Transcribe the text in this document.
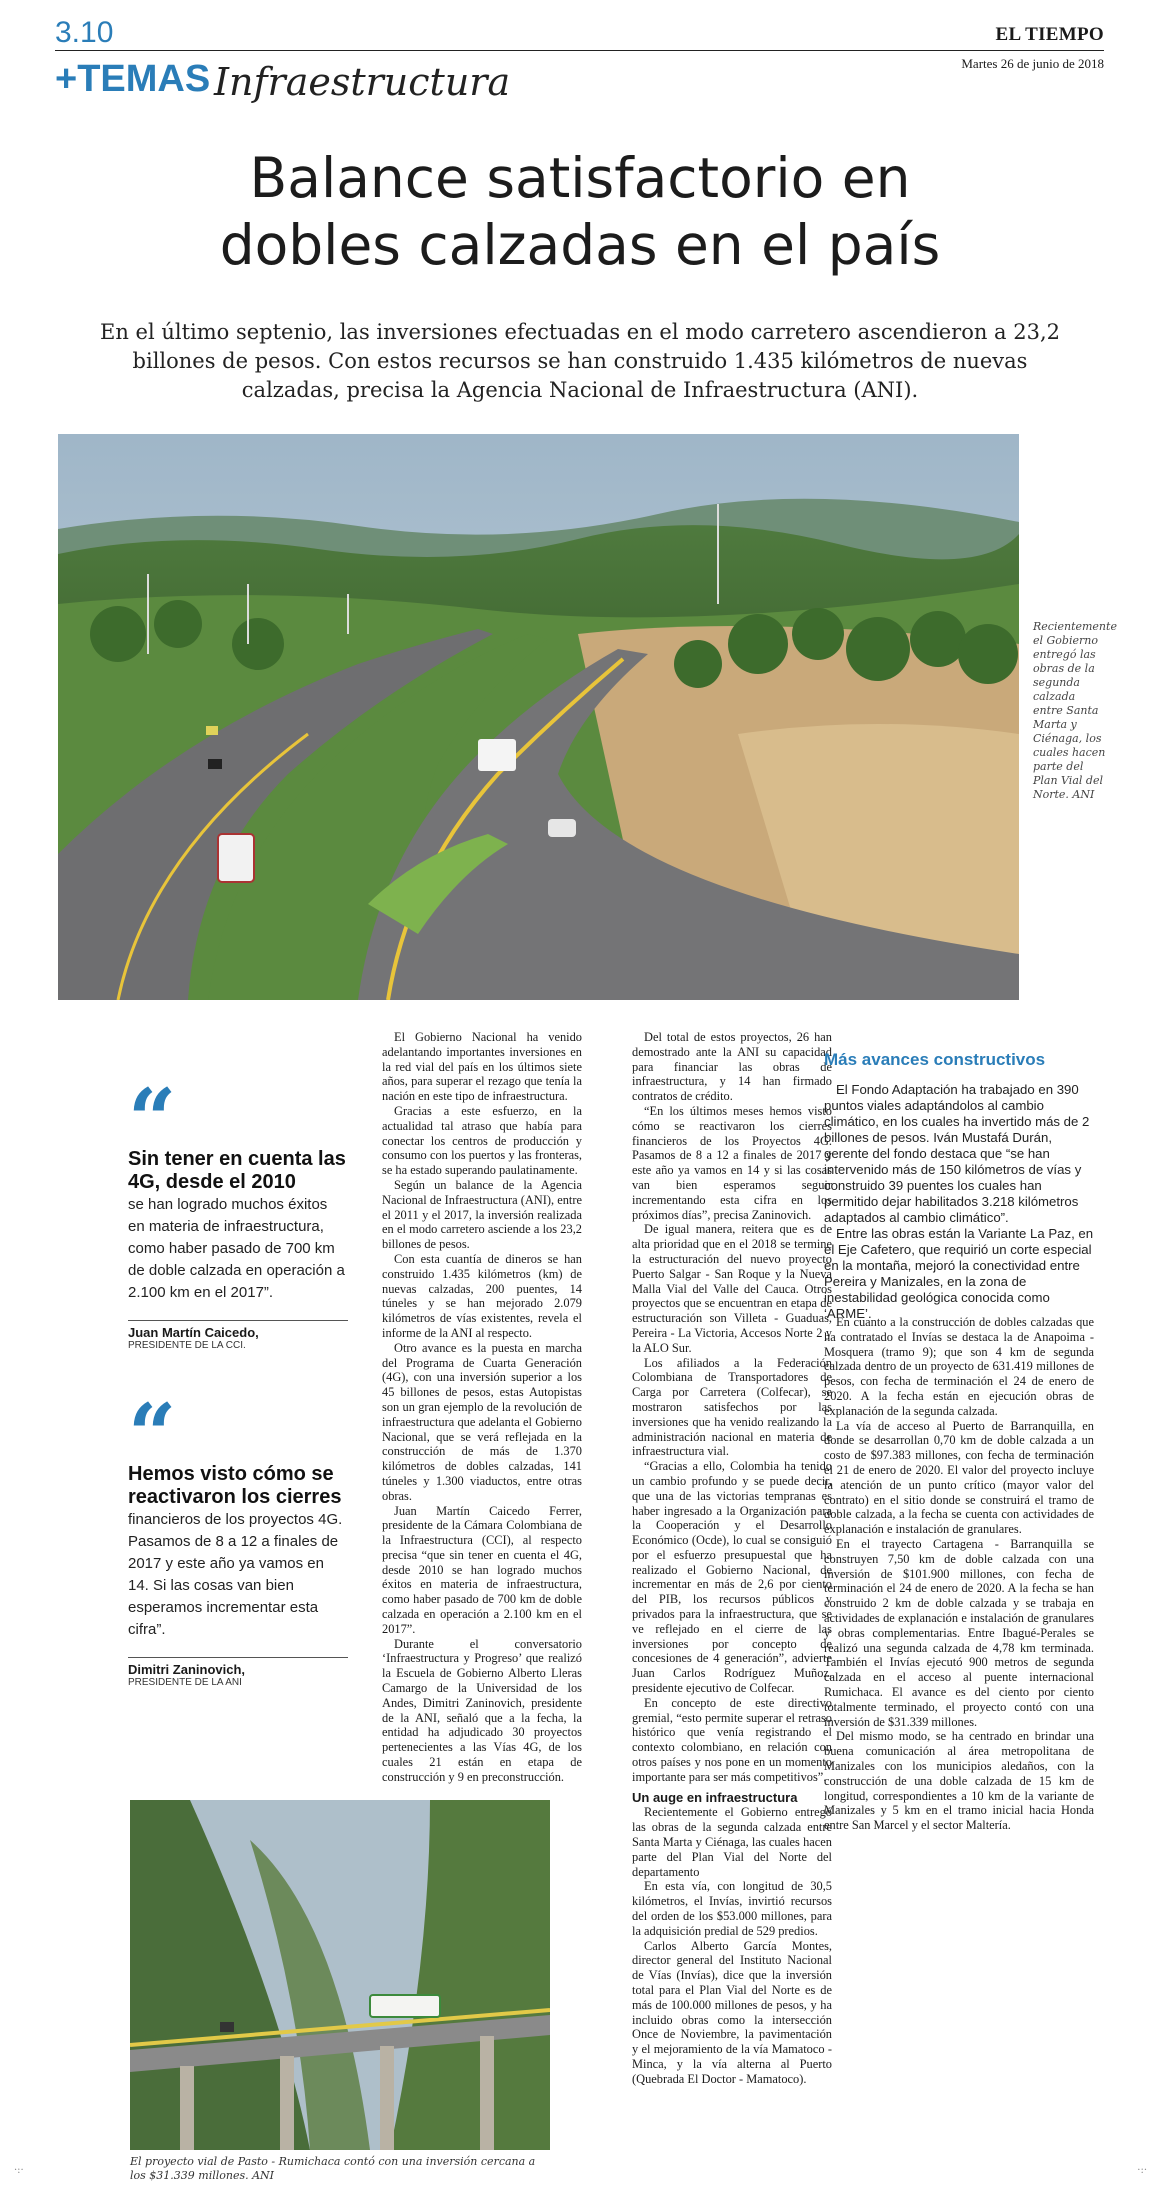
3.10	EL TIEMPO
Martes 26 de junio de 2018
+TEMAS Infraestructura
Balance satisfactorio en
dobles calzadas en el país
En el último septenio, las inversiones efectuadas en el modo carretero ascendieron a 23,2 billones de pesos. Con estos recursos se han construido 1.435 kilómetros de nuevas calzadas, precisa la Agencia Nacional de Infraestructura (ANI).
Recientemente el Gobierno entregó las obras de la segunda calzada entre Santa Marta y Ciénaga, los cuales hacen parte del Plan Vial del Norte. ANI
“
Sin tener en cuenta las 4G, desde el 2010
se han logrado muchos éxitos en materia de infraestructura, como haber pasado de 700 km de doble calzada en operación a 2.100 km en el 2017”.
Juan Martín Caicedo,
PRESIDENTE DE LA CCI.
“
Hemos visto cómo se reactivaron los cierres
financieros de los proyectos 4G. Pasamos de 8 a 12 a finales de 2017 y este año ya vamos en 14. Si las cosas van bien esperamos incrementar esta cifra”.
Dimitri Zaninovich,
PRESIDENTE DE LA ANI

El Gobierno Nacional ha venido adelantando importantes inversiones en la red vial del país en los últimos siete años, para superar el rezago que tenía la nación en este tipo de infraestructura.

Gracias a este esfuerzo, en la actualidad tal atraso que había para conectar los centros de producción y consumo con los puertos y las fronteras, se ha estado superando paulatinamente.

Según un balance de la Agencia Nacional de Infraestructura (ANI), entre el 2011 y el 2017, la inversión realizada en el modo carretero asciende a los 23,2 billones de pesos.

Con esta cuantía de dineros se han construido 1.435 kilómetros (km) de nuevas calzadas, 200 puentes, 14 túneles y se han mejorado 2.079 kilómetros de vías existentes, revela el informe de la ANI al respecto.

Otro avance es la puesta en marcha del Programa de Cuarta Generación (4G), con una inversión superior a los 45 billones de pesos, estas Autopistas son un gran ejemplo de la revolución de infraestructura que adelanta el Gobierno Nacional, que se verá reflejada en la construcción de más de 1.370 kilómetros de dobles calzadas, 141 túneles y 1.300 viaductos, entre otras obras.

Juan Martín Caicedo Ferrer, presidente de la Cámara Colombiana de la Infraestructura (CCI), al respecto precisa “que sin tener en cuenta el 4G, desde 2010 se han logrado muchos éxitos en materia de infraestructura, como haber pasado de 700 km de doble calzada en operación a 2.100 km en el 2017”.

Durante el conversatorio ‘Infraestructura y Progreso’ que realizó la Escuela de Gobierno Alberto Lleras Camargo de la Universidad de los Andes, Dimitri Zaninovich, presidente de la ANI, señaló que a la fecha, la entidad ha adjudicado 30 proyectos pertenecientes a las Vías 4G, de los cuales 21 están en etapa de construcción y 9 en preconstrucción.

Del total de estos proyectos, 26 han demostrado ante la ANI su capacidad para financiar las obras de infraestructura, y 14 han firmado contratos de crédito.

“En los últimos meses hemos visto cómo se reactivaron los cierres financieros de los Proyectos 4G. Pasamos de 8 a 12 a finales de 2017 y este año ya vamos en 14 y si las cosas van bien esperamos seguir incrementando esta cifra en los próximos días”, precisa Zaninovich.

De igual manera, reitera que es de alta prioridad que en el 2018 se termine la estructuración del nuevo proyecto Puerto Salgar - San Roque y la Nueva Malla Vial del Valle del Cauca. Otros proyectos que se encuentran en etapa de estructuración son Villeta - Guaduas, Pereira - La Victoria, Accesos Norte 2 y la ALO Sur.

Los afiliados a la Federación Colombiana de Transportadores de Carga por Carretera (Colfecar), se mostraron satisfechos por las inversiones que ha venido realizando la administración nacional en materia de infraestructura vial.

“Gracias a ello, Colombia ha tenido un cambio profundo y se puede decir, que una de las victorias tempranas es haber ingresado a la Organización para la Cooperación y el Desarrollo Económico (Ocde), lo cual se consiguió por el esfuerzo presupuestal que ha realizado el Gobierno Nacional, de incrementar en más de 2,6 por ciento del PIB, los recursos públicos y privados para la infraestructura, que se ve reflejado en el cierre de las inversiones por concepto de concesiones de 4 generación”, advierte Juan Carlos Rodríguez Muñoz, presidente ejecutivo de Colfecar.

En concepto de este directivo gremial, “esto permite superar el retraso histórico que venía registrando el contexto colombiano, en relación con otros países y nos pone en un momento importante para ser más competitivos”.

Un auge en infraestructura

Recientemente el Gobierno entregó las obras de la segunda calzada entre Santa Marta y Ciénaga, las cuales hacen parte del Plan Vial del Norte del departamento

En esta vía, con longitud de 30,5 kilómetros, el Invías, invirtió recursos del orden de los $53.000 millones, para la adquisición predial de 529 predios.

Carlos Alberto García Montes, director general del Instituto Nacional de Vías (Invías), dice que la inversión total para el Plan Vial del Norte es de más de 100.000 millones de pesos, y ha incluido obras como la intersección Once de Noviembre, la pavimentación y el mejoramiento de la vía Mamatoco - Minca, y la vía alterna al Puerto (Quebrada El Doctor - Mamatoco).

Más avances constructivos

El Fondo Adaptación ha trabajado en 390 puntos viales adaptándolos al cambio climático, en los cuales ha invertido más de 2 billones de pesos. Iván Mustafá Durán, gerente del fondo destaca que “se han intervenido más de 150 kilómetros de vías y construido 39 puentes los cuales han permitido dejar habilitados 3.218 kilómetros adaptados al cambio climático”.

Entre las obras están la Variante La Paz, en el Eje Cafetero, que requirió un corte especial en la montaña, mejoró la conectividad entre Pereira y Manizales, en la zona de inestabilidad geológica conocida como ‘ARME’.

En cuanto a la construcción de dobles calzadas que ha contratado el Invías se destaca la de Anapoima - Mosquera (tramo 9); que son 4 km de segunda calzada dentro de un proyecto de 631.419 millones de pesos, con fecha de terminación el 24 de enero de 2020. A la fecha están en ejecución obras de explanación de la segunda calzada.

La vía de acceso al Puerto de Barranquilla, en donde se desarrollan 0,70 km de doble calzada a un costo de $97.383 millones, con fecha de terminación el 21 de enero de 2020. El valor del proyecto incluye la atención de un punto crítico (mayor valor del contrato) en el sitio donde se construirá el tramo de doble calzada, a la fecha se cuenta con actividades de explanación e instalación de granulares.

En el trayecto Cartagena - Barranquilla se construyen 7,50 km de doble calzada con una inversión de $101.900 millones, con fecha de terminación el 24 de enero de 2020. A la fecha se han construido 2 km de doble calzada y se trabaja en actividades de explanación e instalación de granulares y obras complementarias. Entre Ibagué-Perales se realizó una segunda calzada de 4,78 km terminada. También el Invías ejecutó 900 metros de segunda calzada en el acceso al puente internacional Rumichaca. El avance es del ciento por ciento totalmente terminado, el proyecto contó con una inversión de $31.339 millones.

Del mismo modo, se ha centrado en brindar una buena comunicación al área metropolitana de Manizales con los municipios aledaños, con la construcción de una doble calzada de 15 km de longitud, correspondientes a 10 km de la variante de Manizales y 5 km en el tramo inicial hacia Honda entre San Marcel y el sector Maltería.

El proyecto vial de Pasto - Rumichaca contó con una inversión cercana a los $31.339 millones. ANI
·:·	·:·
